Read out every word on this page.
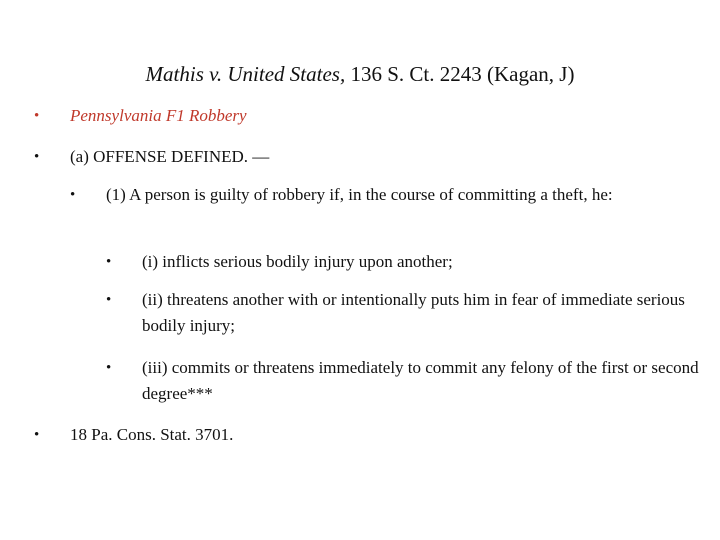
Mathis v. United States, 136 S. Ct. 2243 (Kagan, J)
•	Pennsylvania F1 Robbery
•	(a) OFFENSE DEFINED. —
•	(1) A person is guilty of robbery if, in the course of committing a theft, he:
•	(i) inflicts serious bodily injury upon another;
•	(ii) threatens another with or intentionally puts him in fear of immediate serious bodily injury;
•	(iii) commits or threatens immediately to commit any felony of the first or second degree***
•	18 Pa. Cons. Stat. 3701.
